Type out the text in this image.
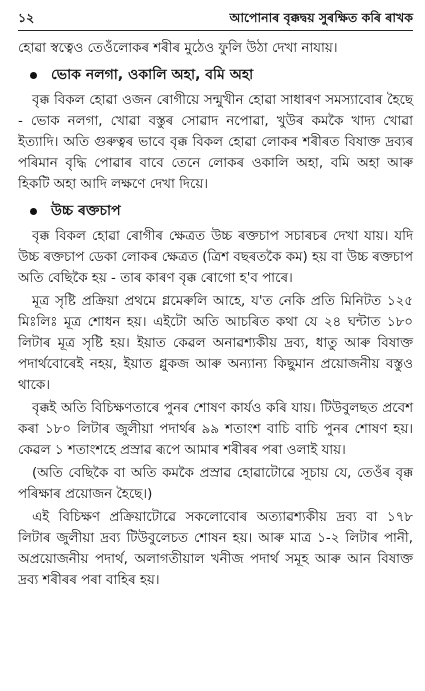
১২	আপোনাৰ বৃক্কদ্বয় সুৰক্ষিত কৰি ৰাখক

হোৱা স্বত্বেও তেওঁলোকৰ শৰীৰ মুঠেও ফুলি উঠা দেখা নাযায়।

ভোক নলগা, ওকালি অহা, বমি অহা

বৃক্ক বিকল হোৱা ওজন ৰোগীয়ে সন্মুখীন হোৱা সাধাৰণ সমস্যাবোৰ হৈছে - ভোক নলগা, খোৱা বস্তুৰ সোৱাদ নপোৱা, খুউৰ কমকৈ খাদ্য খোৱা ইত্যাদি। অতি গুৰুত্বৰ ভাবে বৃক্ক বিকল হোৱা লোকৰ শৰীৰত বিষাক্ত দ্ৰব্যৰ পৰিমান বৃদ্ধি পোৱাৰ বাবে তেনে লোকৰ ওকালি অহা, বমি অহা আৰু হিকটি অহা আদি লক্ষণে দেখা দিয়ে।

উচ্চ ৰক্তচাপ

বৃক্ক বিকল হোৱা ৰোগীৰ ক্ষেত্ৰত উচ্চ ৰক্তচাপ সচাৰচৰ দেখা যায়। যদি উচ্চ ৰক্তচাপ ডেকা লোকৰ ক্ষেত্ৰত (ত্ৰিশ বছৰতকৈ কম) হয় বা উচ্চ ৰক্তচাপ অতি বেছিকৈ হয় - তাৰ কাৰণ বৃক্ক ৰোগো হ'ব পাৰে।

মূত্ৰ সৃষ্টি প্ৰক্ৰিয়া প্ৰথমে গ্লমেৰুলি আহে, য'ত নেকি প্ৰতি মিনিটত ১২৫ মিঃলিঃ মূত্ৰ শোধন হয়। এইটো অতি আচৰিত কথা যে ২৪ ঘন্টাত ১৮০ লিটাৰ মূত্ৰ সৃষ্টি হয়। ইয়াত কেৱল অনাৱশ্যকীয় দ্ৰব্য, ধাতু আৰু বিষাক্ত পদাৰ্থবোৰেই নহয়, ইয়াত গ্লুকজ আৰু অন্যান্য কিছুমান প্ৰয়োজনীয় বস্তুও থাকে।

বৃক্কই অতি বিচিক্ষণতাৰে পুনৰ শোষণ কাৰ্যও কৰি যায়। টিউবুলছত প্ৰবেশ কৰা ১৮০ লিটাৰ জুলীয়া পদাৰ্থৰ ৯৯ শতাংশ বাচি বাচি পুনৰ শোষণ হয়। কেৱল ১ শতাংশহে প্ৰস্ৰাৱ ৰূপে আমাৰ শৰীৰৰ পৰা ওলাই যায়।

(অতি বেছিকৈ বা অতি কমকৈ প্ৰস্ৰাৱ হোৱাটোৱে সূচায় যে, তেওঁৰ বৃক্ক পৰিক্ষাৰ প্ৰয়োজন হৈছে।)

এই বিচিক্ষণ প্ৰক্ৰিয়াটোৱে সকলোবোৰ অত্যাৱশ্যকীয় দ্ৰব্য বা ১৭৮ লিটাৰ জুলীয়া দ্ৰব্য টিউবুলেচত শোষন হয়। আৰু মাত্ৰ ১-২ লিটাৰ পানী, অপ্ৰয়োজনীয় পদাৰ্থ, অলাগতীয়াল খনীজ পদাৰ্থ সমূহ আৰু আন বিষাক্ত দ্ৰব্য শৰীৰৰ পৰা বাহিৰ হয়।
